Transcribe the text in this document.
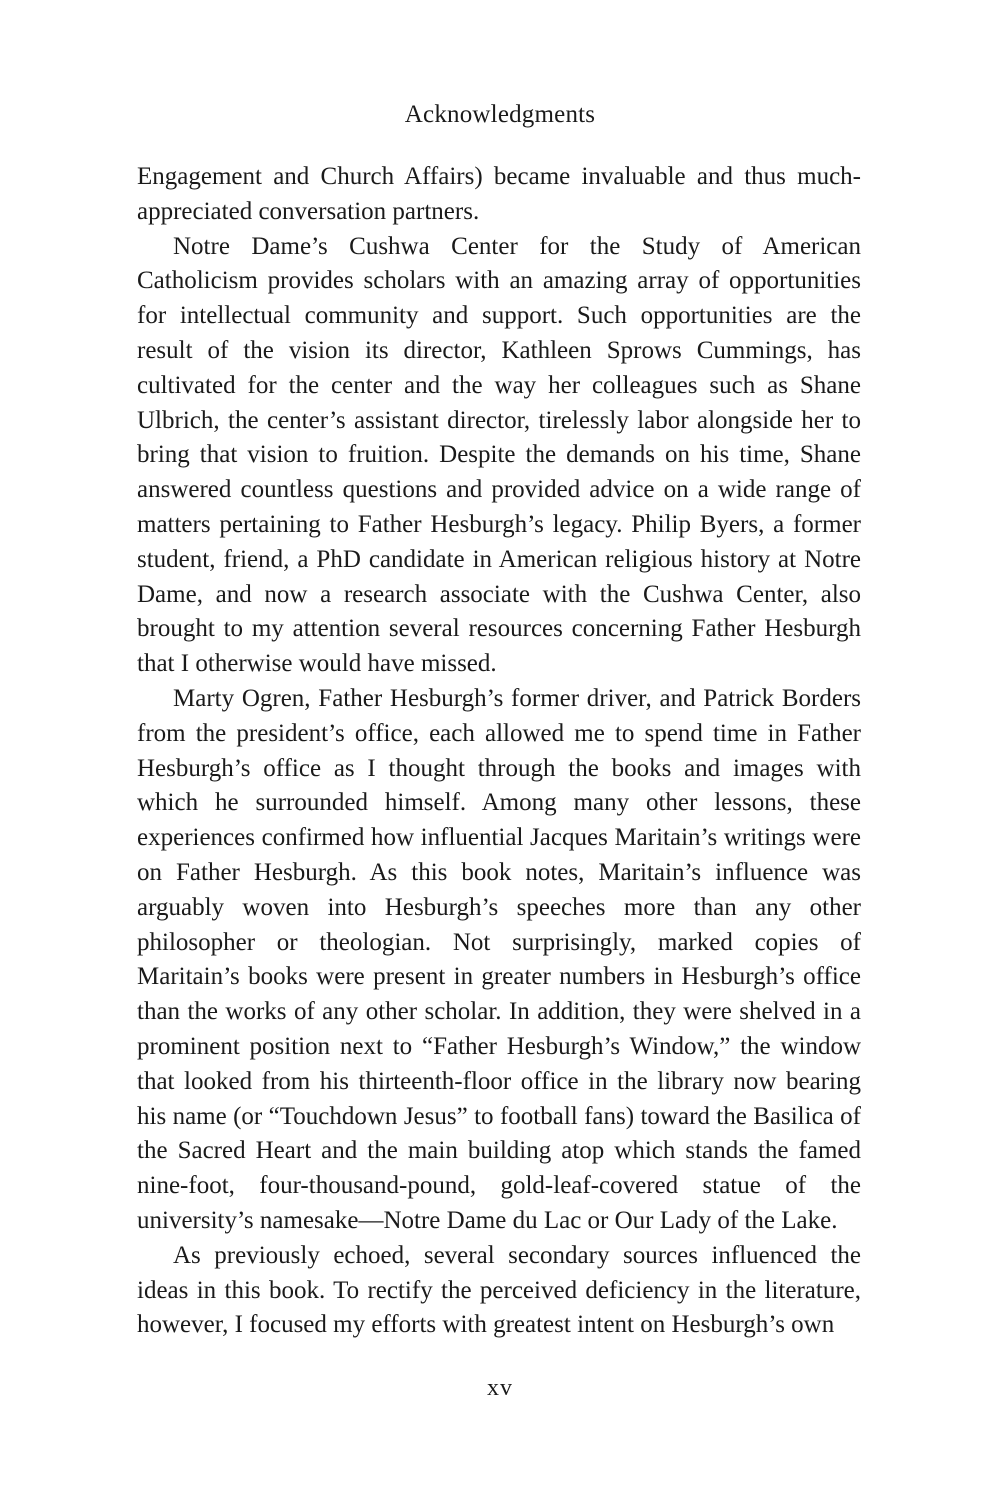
Acknowledgments

Engagement and Church Affairs) became invaluable and thus much-appreciated conversation partners.

Notre Dame’s Cushwa Center for the Study of American Catholicism provides scholars with an amazing array of opportunities for intellectual community and support. Such opportunities are the result of the vision its director, Kathleen Sprows Cummings, has cultivated for the center and the way her colleagues such as Shane Ulbrich, the center’s assistant director, tirelessly labor alongside her to bring that vision to fruition. Despite the demands on his time, Shane answered countless questions and provided advice on a wide range of matters pertaining to Father Hesburgh’s legacy. Philip Byers, a former student, friend, a PhD candidate in American religious history at Notre Dame, and now a research associate with the Cushwa Center, also brought to my attention several resources concerning Father Hesburgh that I otherwise would have missed.

Marty Ogren, Father Hesburgh’s former driver, and Patrick Borders from the president’s office, each allowed me to spend time in Father Hesburgh’s office as I thought through the books and images with which he surrounded himself. Among many other lessons, these experiences confirmed how influential Jacques Maritain’s writings were on Father Hesburgh. As this book notes, Maritain’s influence was arguably woven into Hesburgh’s speeches more than any other philosopher or theologian. Not surprisingly, marked copies of Maritain’s books were present in greater numbers in Hesburgh’s office than the works of any other scholar. In addition, they were shelved in a prominent position next to “Father Hesburgh’s Window,” the window that looked from his thirteenth-floor office in the library now bearing his name (or “Touchdown Jesus” to football fans) toward the Basilica of the Sacred Heart and the main building atop which stands the famed nine-foot, four-thousand-pound, gold-leaf-covered statue of the university’s namesake—Notre Dame du Lac or Our Lady of the Lake.

As previously echoed, several secondary sources influenced the ideas in this book. To rectify the perceived deficiency in the literature, however, I focused my efforts with greatest intent on Hesburgh’s own

xv
